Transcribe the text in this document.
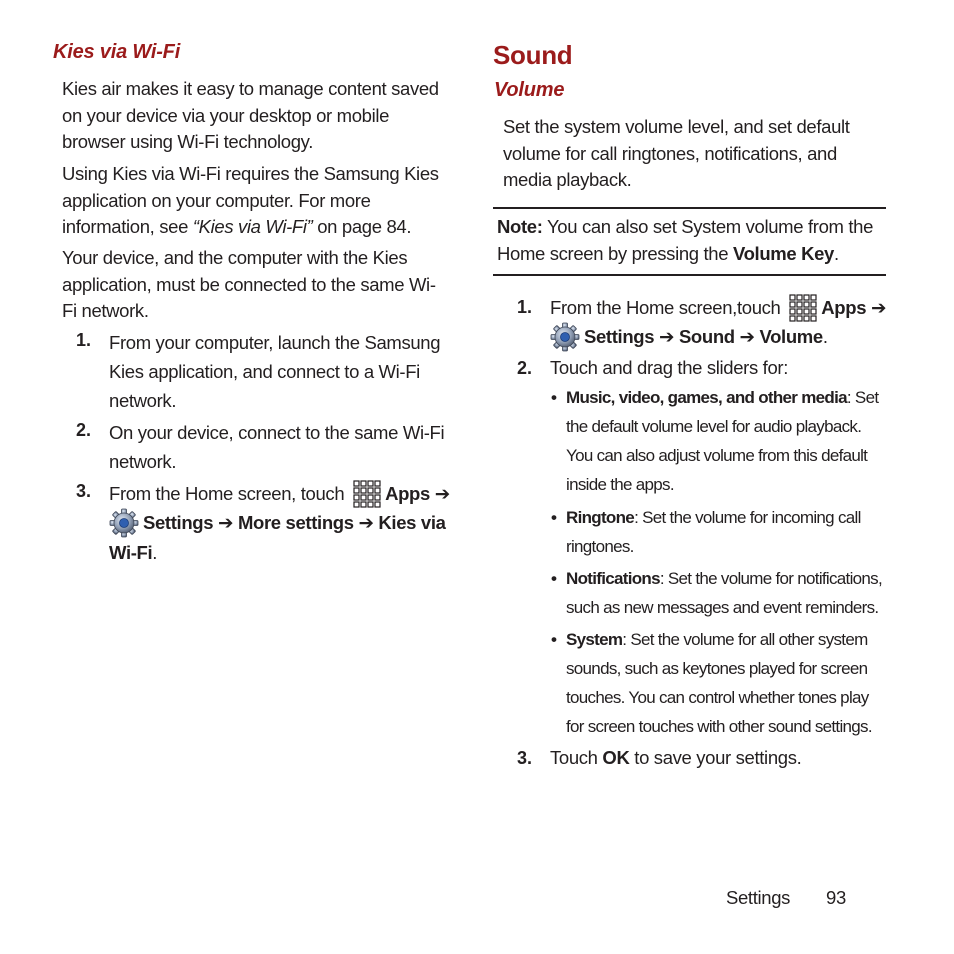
Kies via Wi-Fi
Kies air makes it easy to manage content saved on your device via your desktop or mobile browser using Wi-Fi technology.
Using Kies via Wi-Fi requires the Samsung Kies application on your computer. For more information, see “Kies via Wi-Fi” on page 84.
Your device, and the computer with the Kies application, must be connected to the same Wi-Fi network.
1. From your computer, launch the Samsung Kies application, and connect to a Wi-Fi network.
2. On your device, connect to the same Wi-Fi network.
3. From the Home screen, touch Apps ➔
Settings ➔ More settings ➔ Kies via Wi-Fi.
Sound
Volume
Set the system volume level, and set default volume for call ringtones, notifications, and media playback.
Note: You can also set System volume from the Home screen by pressing the Volume Key.
1. From the Home screen,touch Apps ➔
Settings ➔ Sound ➔ Volume.
2. Touch and drag the sliders for:
• Music, video, games, and other media: Set the default volume level for audio playback. You can also adjust volume from this default inside the apps.
• Ringtone: Set the volume for incoming call ringtones.
• Notifications: Set the volume for notifications, such as new messages and event reminders.
• System: Set the volume for all other system sounds, such as keytones played for screen touches. You can control whether tones play for screen touches with other sound settings.
3. Touch OK to save your settings.
Settings 93
